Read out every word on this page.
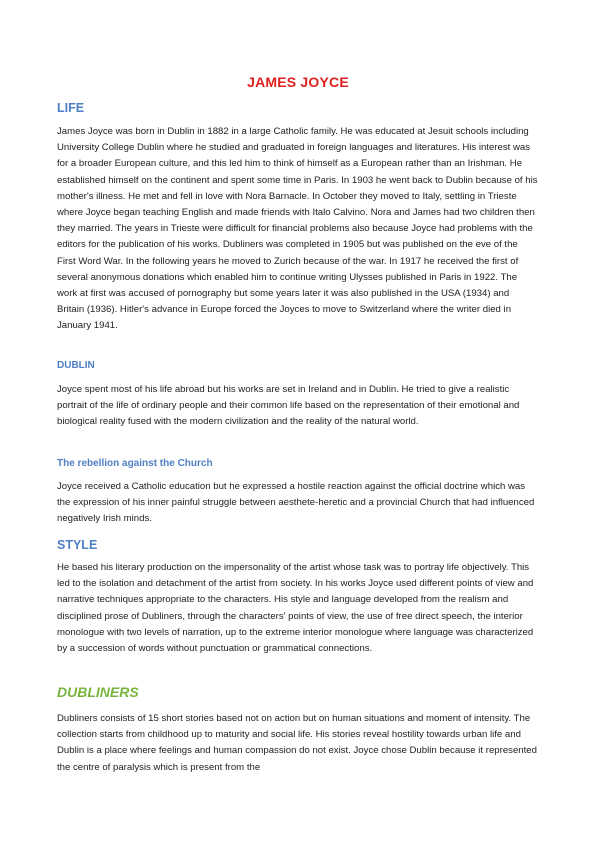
JAMES JOYCE
LIFE

James Joyce was born in Dublin in 1882 in a large Catholic family. He was educated at Jesuit schools including University College Dublin where he studied and graduated in foreign languages and literatures. His interest was for a broader European culture, and this led him to think of himself as a European rather than an Irishman. He established himself on the continent and spent some time in Paris. In 1903 he went back to Dublin because of his mother's illness. He met and fell in love with Nora Barnacle. In October they moved to Italy, settling in Trieste where Joyce began teaching English and made friends with Italo Calvino. Nora and James had two children then they married. The years in Trieste were difficult for financial problems also because Joyce had problems with the editors for the publication of his works. Dubliners was completed in 1905 but was published on the eve of the First Word War. In the following years he moved to Zurich because of the war. In 1917 he received the first of several anonymous donations which enabled him to continue writing Ulysses published in Paris in 1922. The work at first was accused of pornography but some years later it was also published in the USA (1934) and Britain (1936). Hitler's advance in Europe forced the Joyces to move to Switzerland where the writer died in January 1941.

DUBLIN

Joyce spent most of his life abroad but his works are set in Ireland and in Dublin. He tried to give a realistic portrait of the life of ordinary people and their common life based on the representation of their emotional and biological reality fused with the modern civilization and the reality of the natural world.

The rebellion against the Church

Joyce received a Catholic education but he expressed a hostile reaction against the official doctrine which was the expression of his inner painful struggle between aesthete-heretic and a provincial Church that had influenced negatively Irish minds.

STYLE

He based his literary production on the impersonality of the artist whose task was to portray life objectively. This led to the isolation and detachment of the artist from society. In his works Joyce used different points of view and narrative techniques appropriate to the characters. His style and language developed from the realism and disciplined prose of Dubliners, through the characters' points of view, the use of free direct speech, the interior monologue with two levels of narration, up to the extreme interior monologue where language was characterized by a succession of words without punctuation or grammatical connections.

DUBLINERS

Dubliners consists of 15 short stories based not on action but on human situations and moment of intensity. The collection starts from childhood up to maturity and social life. His stories reveal hostility towards urban life and Dublin is a place where feelings and human compassion do not exist. Joyce chose Dublin because it represented the centre of paralysis which is present from the
